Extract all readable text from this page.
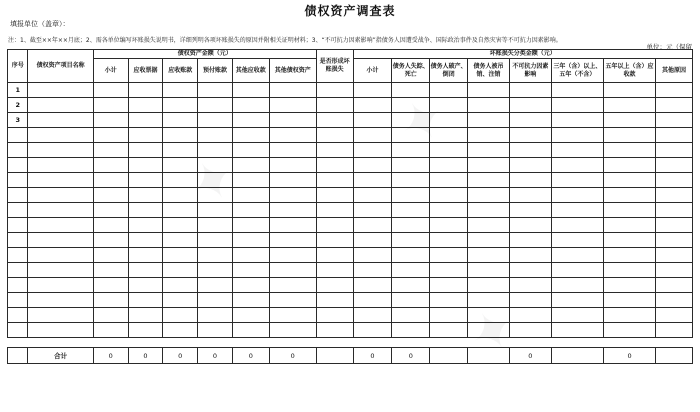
债权资产调查表
填报单位（盖章）：
注：1、截至××年××月底；2、需各单位编写坏账损失说明书，详细列明各项坏账损失的原因并附相关证明材料；3、“不可抗力因素影响”指债务人因遭受战争、国际政治事件及自然灾害等不可抗力因素影响。
单位：元（保留
序号	债权资产项目名称	债权资产金额（元）						是否形成坏账损失	坏账损失分类金额（元）							
		小计	应收票据	应收账款	预付账款	其他应收款	其他债权资产		小计	债务人失踪、死亡	债务人破产、倒闭	债务人被吊销、注销	不可抗力因素影响	三年（含）以上、五年（不含）	五年以上（含）应收款	其他原因
1																
2																
3																

	合计	0	0	0	0	0	0		0	0			0		0	
